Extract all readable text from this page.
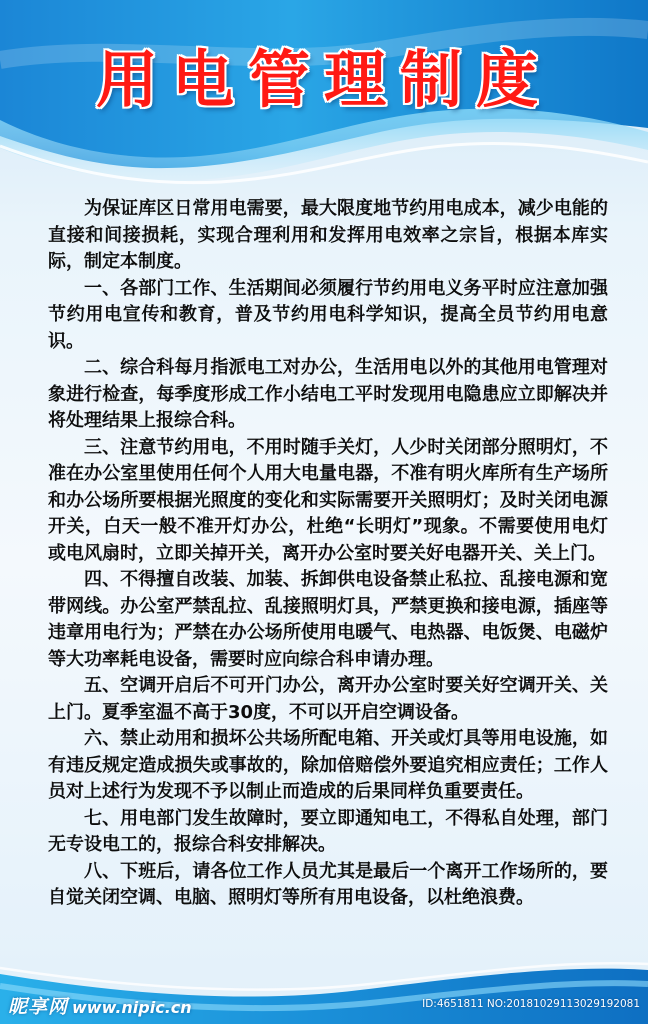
用电管理制度

为保证库区日常用电需要，最大限度地节约用电成本，减少电能的直接和间接损耗，实现合理利用和发挥用电效率之宗旨，根据本库实际，制定本制度。

一、各部门工作、生活期间必须履行节约用电义务平时应注意加强节约用电宣传和教育，普及节约用电科学知识，提高全员节约用电意识。

二、综合科每月指派电工对办公，生活用电以外的其他用电管理对象进行检查，每季度形成工作小结电工平时发现用电隐患应立即解决并将处理结果上报综合科。

三、注意节约用电，不用时随手关灯，人少时关闭部分照明灯，不准在办公室里使用任何个人用大电量电器，不准有明火库所有生产场所和办公场所要根据光照度的变化和实际需要开关照明灯；及时关闭电源开关，白天一般不准开灯办公，杜绝“长明灯”现象。不需要使用电灯或电风扇时，立即关掉开关，离开办公室时要关好电器开关、关上门。

四、不得擅自改装、加装、拆卸供电设备禁止私拉、乱接电源和宽带网线。办公室严禁乱拉、乱接照明灯具，严禁更换和接电源，插座等违章用电行为；严禁在办公场所使用电暖气、电热器、电饭煲、电磁炉等大功率耗电设备，需要时应向综合科申请办理。

五、空调开启后不可开门办公，离开办公室时要关好空调开关、关上门。夏季室温不高于30度，不可以开启空调设备。

六、禁止动用和损坏公共场所配电箱、开关或灯具等用电设施，如有违反规定造成损失或事故的，除加倍赔偿外要追究相应责任；工作人员对上述行为发现不予以制止而造成的后果同样负重要责任。

七、用电部门发生故障时，要立即通知电工，不得私自处理，部门无专设电工的，报综合科安排解决。

八、下班后，请各位工作人员尤其是最后一个离开工作场所的，要自觉关闭空调、电脑、照明灯等所有用电设备，以杜绝浪费。

昵享网 www.nipic.cn	ID:4651811 NO:20181029113029192081
